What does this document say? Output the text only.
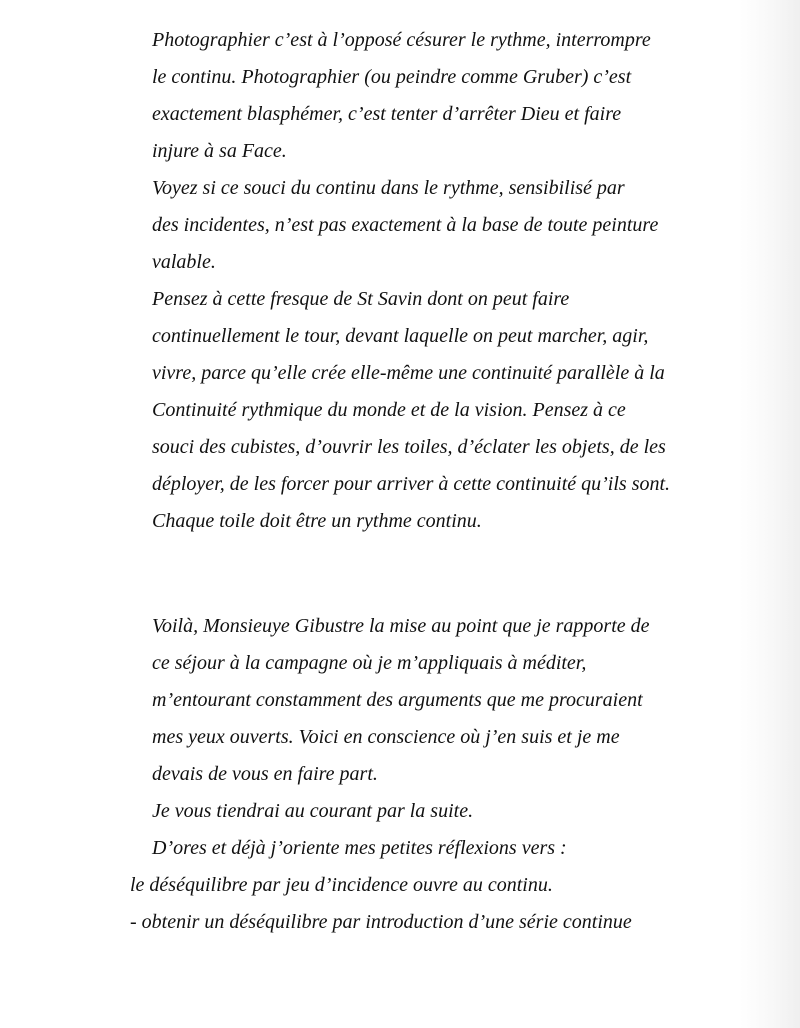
Photographier c’est à l’opposé césurer le rythme, interrompre
le continu. Photographier (ou peindre comme Gruber) c’est
exactement blasphémer, c’est tenter d’arrêter Dieu et faire
injure à sa Face.

Voyez si ce souci du continu dans le rythme, sensibilisé par
des incidentes, n’est pas exactement à la base de toute peinture
valable.

Pensez à cette fresque de St Savin dont on peut faire
continuellement le tour, devant laquelle on peut marcher, agir,
vivre, parce qu’elle crée elle-même une continuité parallèle à la
Continuité rythmique du monde et de la vision. Pensez à ce
souci des cubistes, d’ouvrir les toiles, d’éclater les objets, de les
déployer, de les forcer pour arriver à cette continuité qu’ils sont.

Chaque toile doit être un rythme continu.

Voilà, Monsieuye Gibustre la mise au point que je rapporte de
ce séjour à la campagne où je m’appliquais à méditer,
m’entourant constamment des arguments que me procuraient
mes yeux ouverts. Voici en conscience où j’en suis et je me
devais de vous en faire part.

Je vous tiendrai au courant par la suite.

D’ores et déjà j’oriente mes petites réflexions vers :

le déséquilibre par jeu d’incidence ouvre au continu.

- obtenir un déséquilibre par introduction d’une série continue
